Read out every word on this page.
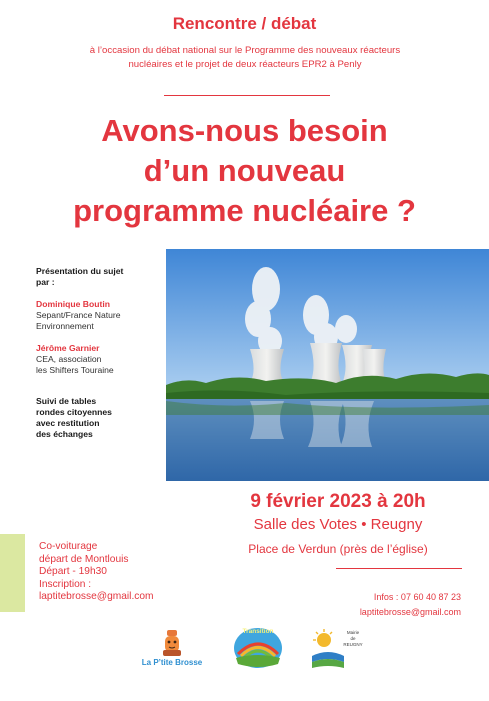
Rencontre / débat
à l’occasion du débat national sur le Programme des nouveaux réacteurs
nucléaires et le projet de deux réacteurs EPR2 à Penly
Avons-nous besoin
d’un nouveau
programme nucléaire ?
Présentation du sujet
par :
Dominique Boutin
Sepant/France Nature
Environnement
Jérôme Garnier
CEA, association
les Shifters Touraine
Suivi de tables
rondes citoyennes
avec restitution
des échanges
9 février 2023 à 20h
Salle des Votes • Reugny
Place de Verdun (près de l’église)
Co-voiturage
départ de Montlouis
Départ - 19h30
Inscription :
laptitebrosse@gmail.com	Infos : 07 60 40 87 23
laptitebrosse@gmail.com
La P’tite Brosse
Transition	Mairie
de
REUGNY
